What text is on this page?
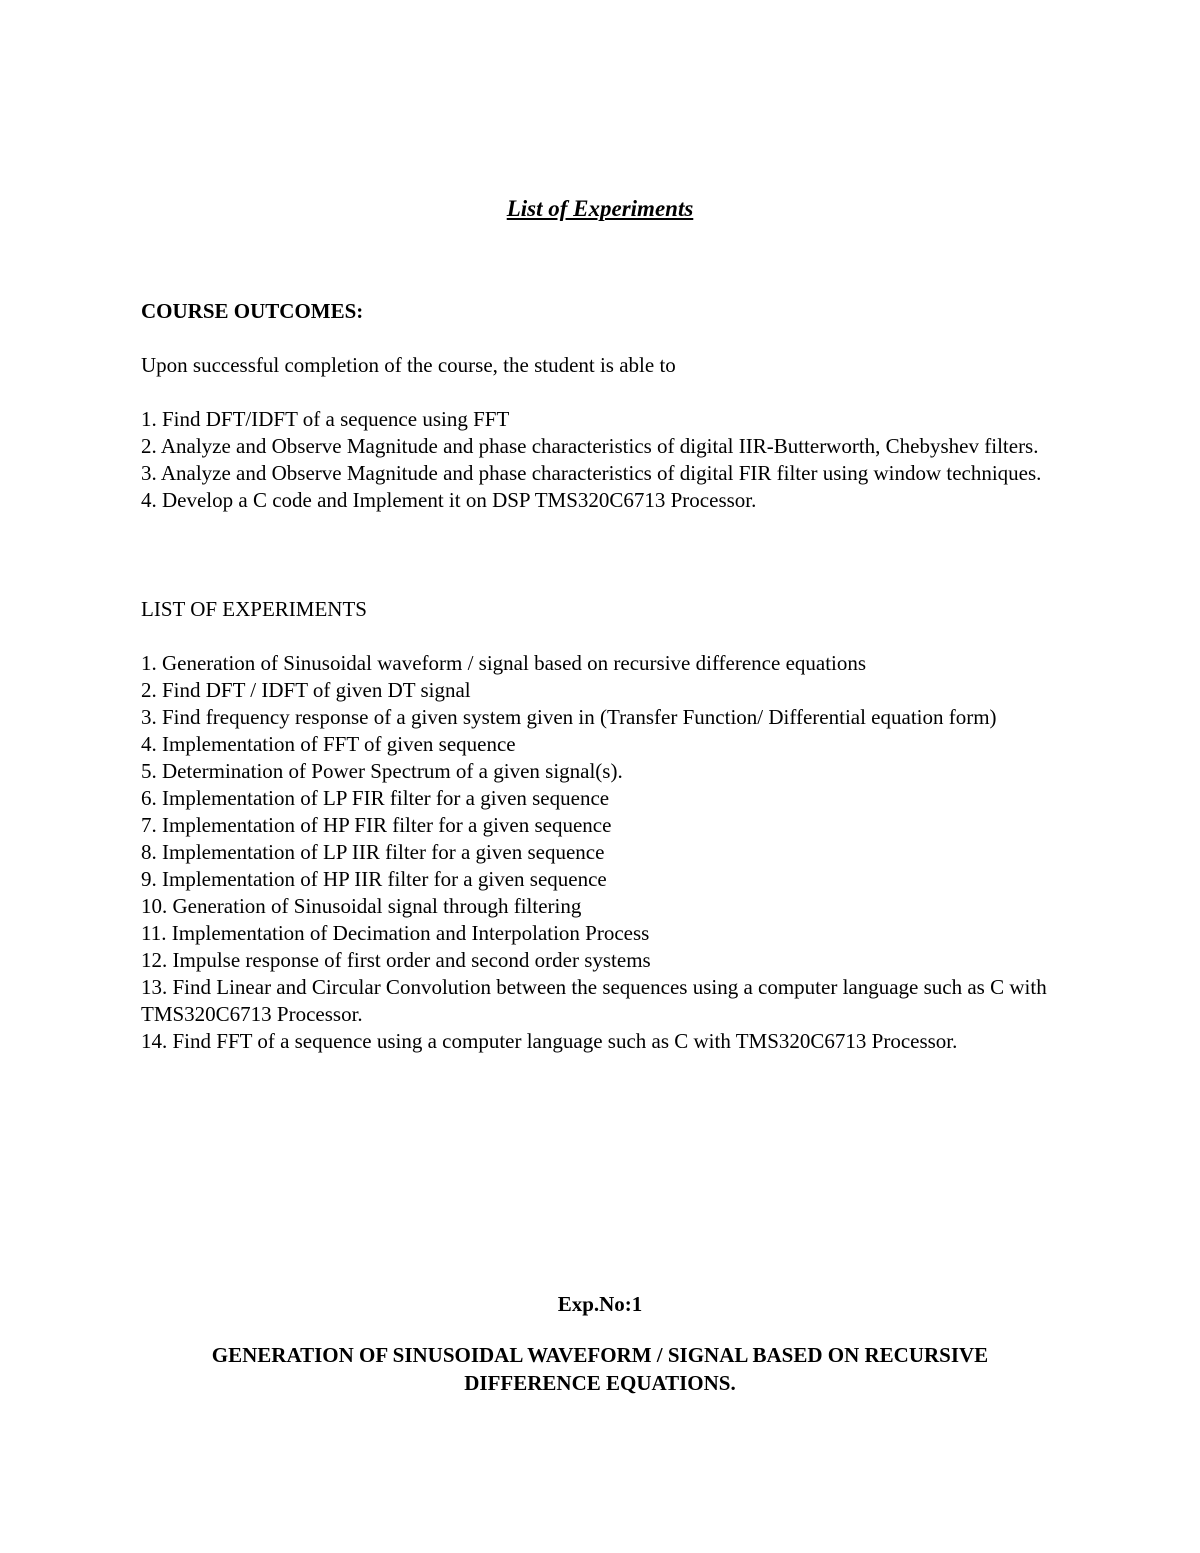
List of Experiments

COURSE OUTCOMES:

Upon successful completion of the course, the student is able to

1. Find DFT/IDFT of a sequence using FFT
2. Analyze and Observe Magnitude and phase characteristics of digital IIR-Butterworth, Chebyshev filters.
3. Analyze and Observe Magnitude and phase characteristics of digital FIR filter using window techniques.
4. Develop a C code and Implement it on DSP TMS320C6713 Processor.

LIST OF EXPERIMENTS

1. Generation of Sinusoidal waveform / signal based on recursive difference equations
2. Find DFT / IDFT of given DT signal
3. Find frequency response of a given system given in (Transfer Function/ Differential equation form)
4. Implementation of FFT of given sequence
5. Determination of Power Spectrum of a given signal(s).
6. Implementation of LP FIR filter for a given sequence
7. Implementation of HP FIR filter for a given sequence
8. Implementation of LP IIR filter for a given sequence
9. Implementation of HP IIR filter for a given sequence
10. Generation of Sinusoidal signal through filtering
11. Implementation of Decimation and Interpolation Process
12. Impulse response of first order and second order systems
13. Find Linear and Circular Convolution between the sequences using a computer language such as C with TMS320C6713 Processor.
14. Find FFT of a sequence using a computer language such as C with TMS320C6713 Processor.
Exp.No:1
GENERATION OF SINUSOIDAL WAVEFORM / SIGNAL BASED ON RECURSIVE DIFFERENCE EQUATIONS.
